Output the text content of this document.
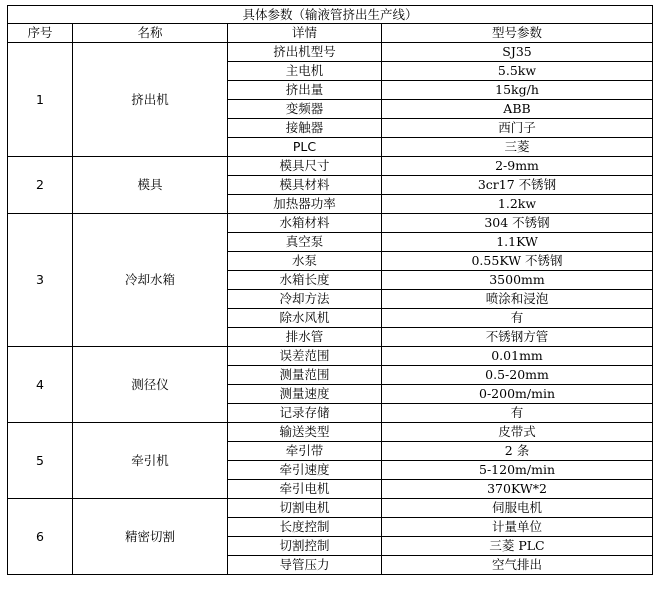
具体参数（输液管挤出生产线）			
序号	名称	详情	型号参数
1	挤出机	挤出机型号	SJ35
		主电机	5.5kw
		挤出量	15kg/h
		变频器	ABB
		接触器	西门子
		PLC	三菱
2	模具	模具尺寸	2-9mm
		模具材料	3cr17 不锈钢
		加热器功率	1.2kw
3	冷却水箱	水箱材料	304 不锈钢
		真空泵	1.1KW
		水泵	0.55KW 不锈钢
		水箱长度	3500mm
		冷却方法	喷涂和浸泡
		除水风机	有
		排水管	不锈钢方管
4	测径仪	误差范围	0.01mm
		测量范围	0.5-20mm
		测量速度	0-200m/min
		记录存储	有
5	牵引机	输送类型	皮带式
		牵引带	2 条
		牵引速度	5-120m/min
		牵引电机	370KW*2
6	精密切割	切割电机	伺服电机
		长度控制	计量单位
		切割控制	三菱 PLC
		导管压力	空气排出
